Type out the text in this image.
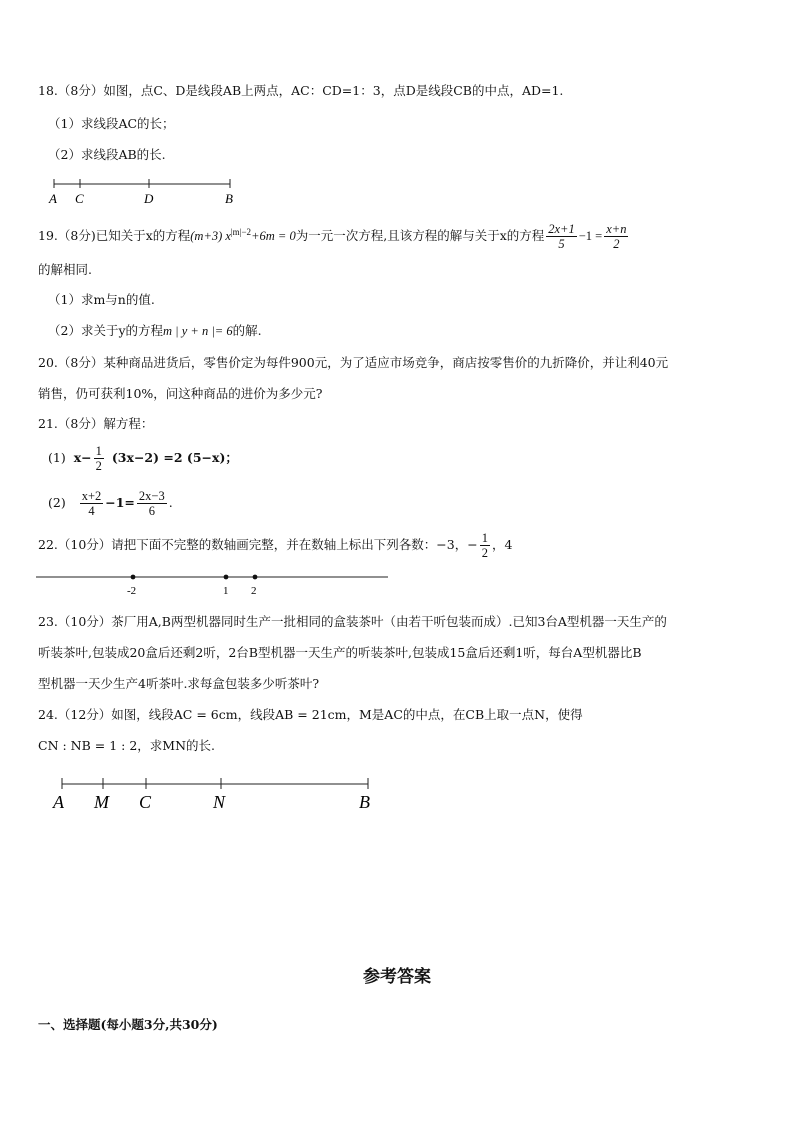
18.（8分）如图，点C、D是线段AB上两点，AC：CD=1：3，点D是线段CB的中点，AD=1.
（1）求线段AC的长；
（2）求线段AB的长.
A C	D	B
19.（8分)已知关于x的方程(m+3) $x^{|m|-2}+6m = 0$为一元一次方程,且该方程的解与关于x的方程 $\frac{2x+1}{5} -1 = \frac{x+n}{2}$
的解相同.
（1）求m与n的值.
（2）求关于y的方程m | y + n |= 6的解.
20.（8分）某种商品进货后，零售价定为每件900元，为了适应市场竞争，商店按零售价的九折降价，并让利40元
销售，仍可获利10%，问这种商品的进价为多少元?
21.（8分）解方程：
(1) $x- \frac{1}{2} (3x-2) =2$ (5−x)；
$(2) \frac{x+2}{4} -1= \frac{2x-3}{6}$ .
22.（10分）请把下面不完整的数轴画完整，并在数轴上标出下列各数：−3，− $\frac{1}{2}$ ，4
-2	1 2
23.（10分）茶厂用A,B两型机器同时生产一批相同的盒装茶叶（由若干听包装而成）.已知3台A型机器一天生产的
听装茶叶,包装成20盒后还剩2听，2台B型机器一天生产的听装茶叶,包装成15盒后还剩1听，每台A型机器比B
型机器一天少生产4听茶叶.求每盒包装多少听茶叶?
24.（12分）如图，线段AC = 6cm，线段AB = 21cm，M是AC的中点，在CB上取一点N，使得
CN : NB = 1 : 2，求MN的长.
A M C	N	B
参考答案
一、选择题(每小题3分,共30分)
